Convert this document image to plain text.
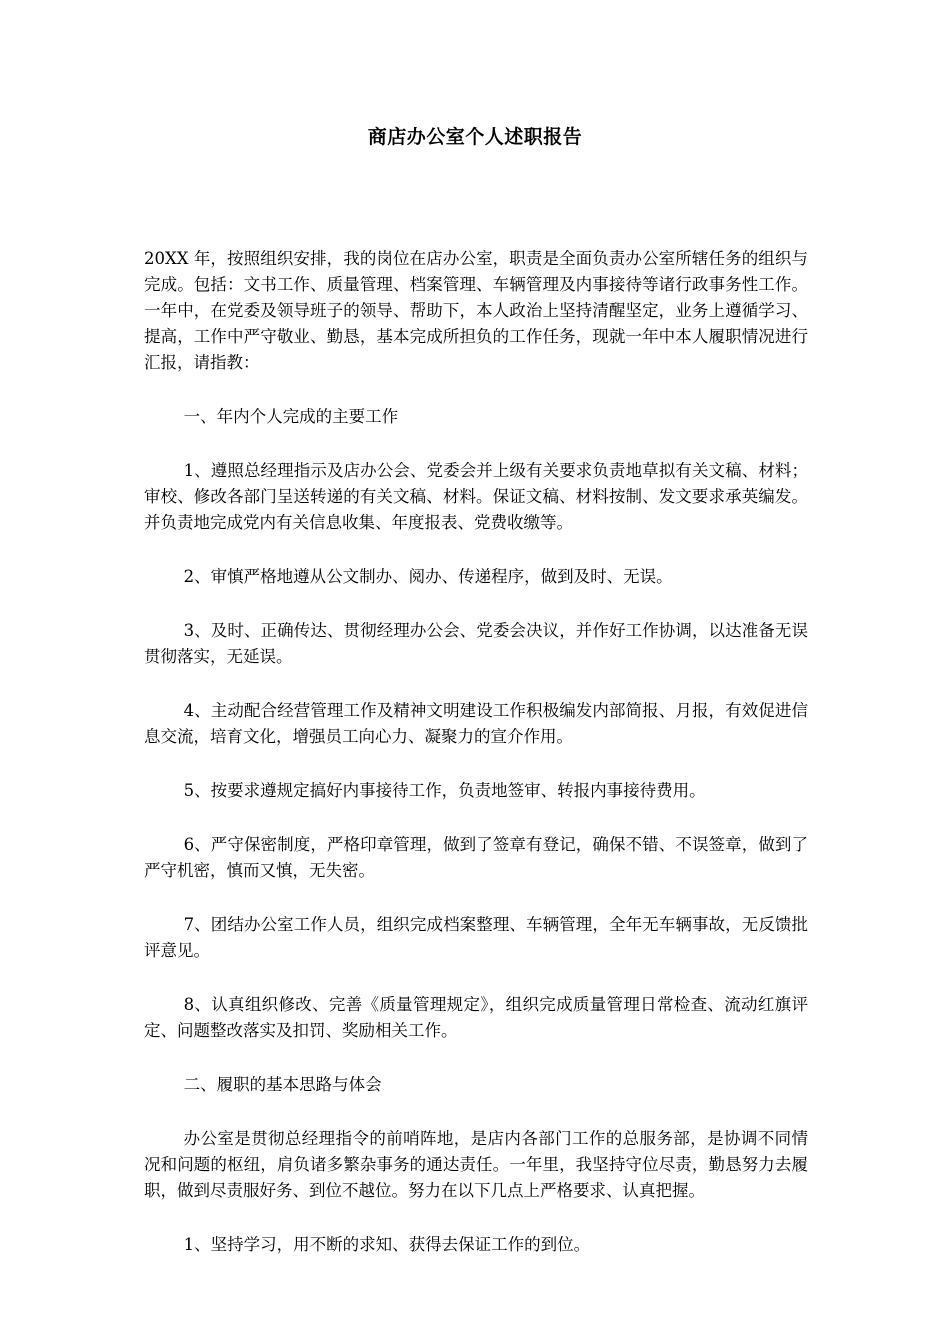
商店办公室个人述职报告

20XX 年，按照组织安排，我的岗位在店办公室，职责是全面负责办公室所辖任务的组织与完成。包括：文书工作、质量管理、档案管理、车辆管理及内事接待等诸行政事务性工作。一年中，在党委及领导班子的领导、帮助下，本人政治上坚持清醒坚定，业务上遵循学习、提高，工作中严守敬业、勤恳，基本完成所担负的工作任务，现就一年中本人履职情况进行汇报，请指教：

一、年内个人完成的主要工作

1、遵照总经理指示及店办公会、党委会并上级有关要求负责地草拟有关文稿、材料；审校、修改各部门呈送转递的有关文稿、材料。保证文稿、材料按制、发文要求承英编发。并负责地完成党内有关信息收集、年度报表、党费收缴等。

2、审慎严格地遵从公文制办、阅办、传递程序，做到及时、无误。

3、及时、正确传达、贯彻经理办公会、党委会决议，并作好工作协调，以达准备无误贯彻落实，无延误。

4、主动配合经营管理工作及精神文明建设工作积极编发内部简报、月报，有效促进信息交流，培育文化，增强员工向心力、凝聚力的宣介作用。

5、按要求遵规定搞好内事接待工作，负责地签审、转报内事接待费用。

6、严守保密制度，严格印章管理，做到了签章有登记，确保不错、不误签章，做到了严守机密，慎而又慎，无失密。

7、团结办公室工作人员，组织完成档案整理、车辆管理，全年无车辆事故，无反馈批评意见。

8、认真组织修改、完善《质量管理规定》，组织完成质量管理日常检查、流动红旗评定、问题整改落实及扣罚、奖励相关工作。

二、履职的基本思路与体会

办公室是贯彻总经理指令的前哨阵地，是店内各部门工作的总服务部，是协调不同情况和问题的枢纽，肩负诸多繁杂事务的通达责任。一年里，我坚持守位尽责，勤恳努力去履职，做到尽责服好务、到位不越位。努力在以下几点上严格要求、认真把握。

1、坚持学习，用不断的求知、获得去保证工作的到位。
